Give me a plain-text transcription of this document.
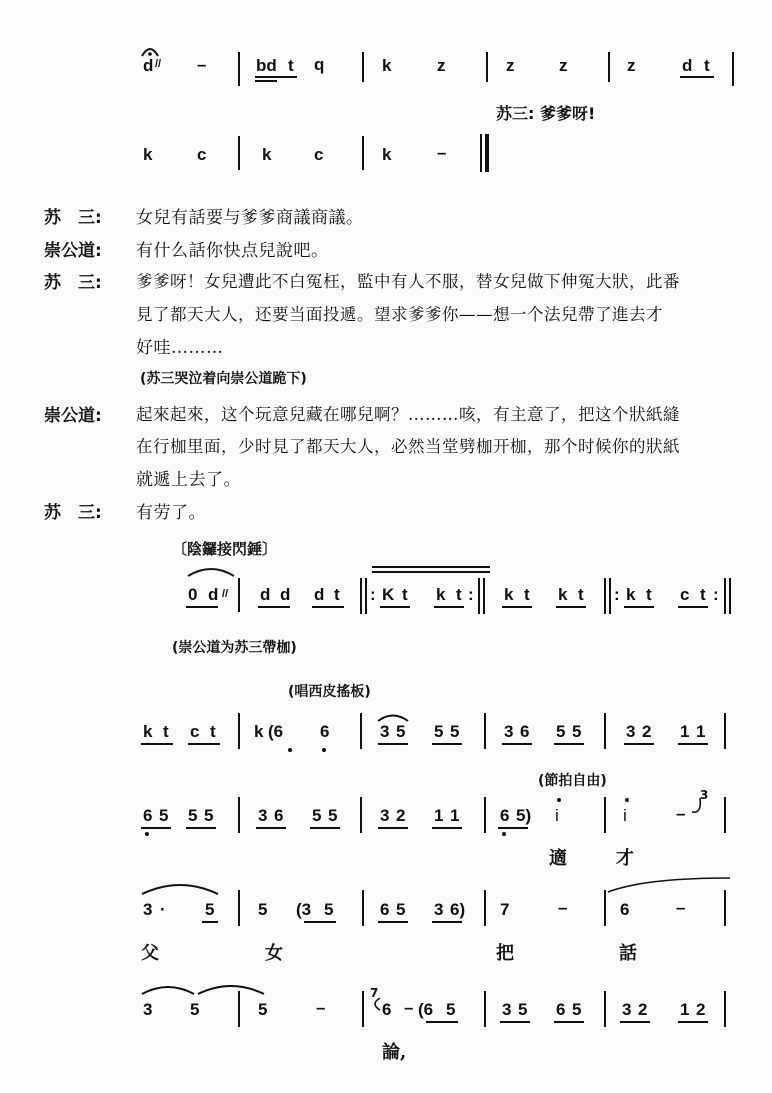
d // –	bd t q	k	z	z	z	z	d t
苏三: 爹爹呀!
k	c	k	c	k	–
苏　三: 女兒有話要与爹爹商議商議。
崇公道: 有什么話你快点兒說吧。
苏　三: 爹爹呀！女兒遭此不白冤枉，監中有人不服，替女兒做下伸冤大狀，此番
見了都天大人，还要当面投遞。望求爹爹你——想一个法兒帶了進去才
好哇………
(苏三哭泣着向崇公道跪下)
崇公道: 起來起來，这个玩意兒藏在哪兒啊？………咳，有主意了，把这个狀紙縫
在行枷里面，少时見了都天大人，必然当堂劈枷开枷，那个时候你的狀紙
就遞上去了。
苏　三: 有劳了。
〔陰鑼接閃錘〕
0 d // d d d t : K t k t : k t k t : k t c t :
(崇公道为苏三帶枷)
(唱西皮搖板)
k t c t k (6 6	3 5 5 5	3 6 5 5	3 2 1 1
(節拍自由)
6 5 5 5	3 6 5 5	3 2 1 1 6 5) i	i	–
3
適	才
3 · 5	5 (3 5	6 5 3 6) 7	–	6	–
父	女	把	話
3 5	5	–
7
6 – (6 5	3 5 6 5 3 2 1 2
論,
